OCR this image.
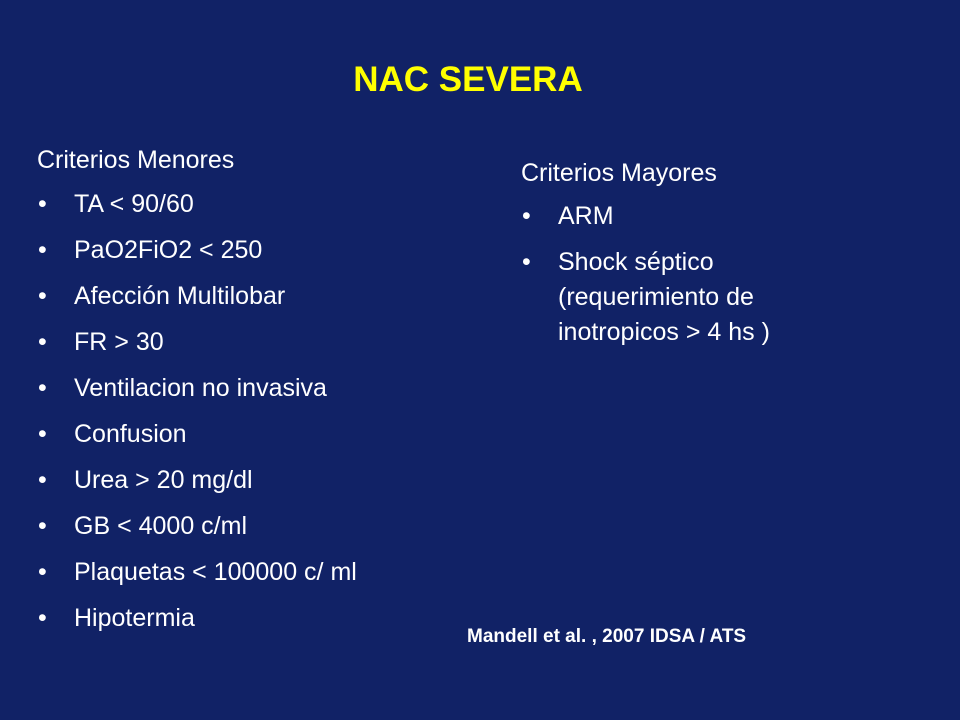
NAC SEVERA
Criterios Menores
• TA < 90/60
• PaO2FiO2 < 250
• Afección Multilobar
• FR > 30
• Ventilacion no invasiva
• Confusion
• Urea > 20 mg/dl
• GB < 4000 c/ml
• Plaquetas < 100000 c/ ml
• Hipotermia
Criterios Mayores
• ARM
• Shock séptico (requerimiento de inotropicos > 4 hs )
Mandell et al. , 2007 IDSA / ATS
